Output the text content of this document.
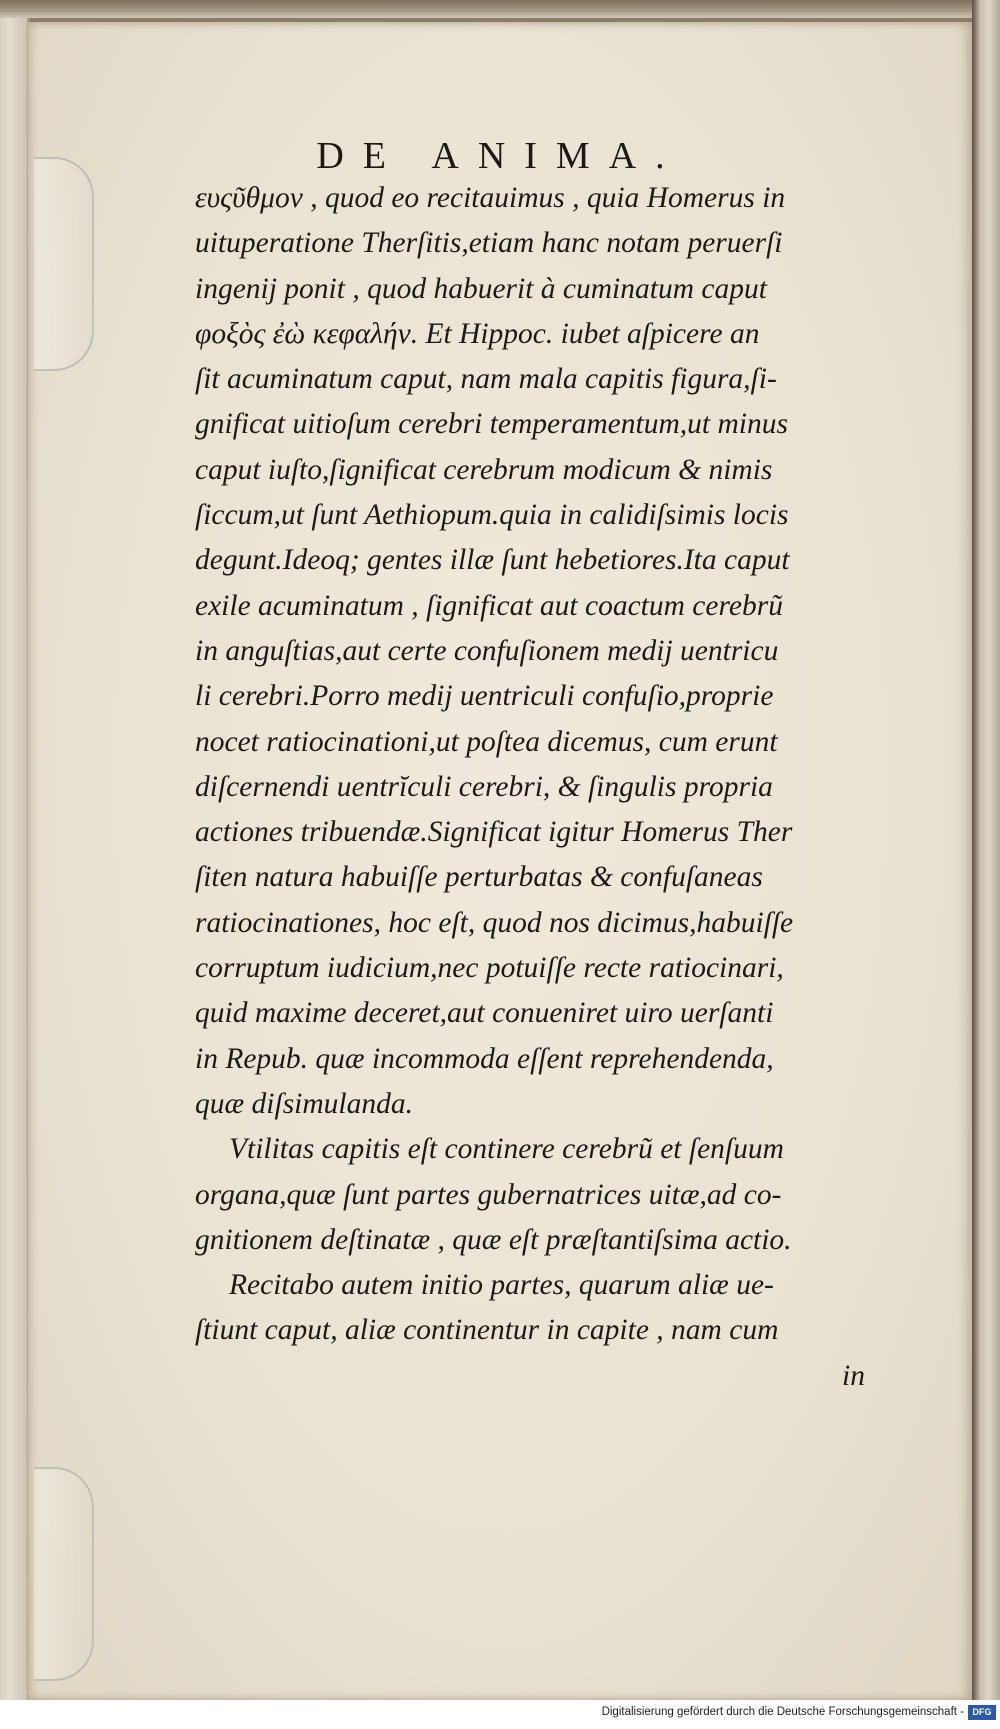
DE ANIMA.
ευςῦθμον , quod eo recitauimus , quia Homerus in
uituperatione Therſitis,etiam hanc notam peruerſi
ingenij ponit , quod habuerit à cuminatum caput
φοξὸς ἐὼ κεφαλήν. Et Hippoc. iubet aſpicere an
ſit acuminatum caput, nam mala capitis figura,ſi-
gnificat uitioſum cerebri temperamentum,ut minus
caput iuſto,ſignificat cerebrum modicum & nimis
ſiccum,ut ſunt Aethiopum.quia in calidiſsimis locis
degunt.Ideoq; gentes illæ ſunt hebetiores.Ita caput
exile acuminatum , ſignificat aut coactum cerebrũ
in anguſtias,aut certe confuſionem medij uentricu
li cerebri.Porro medij uentriculi confuſio,proprie
nocet ratiocinationi,ut poſtea dicemus, cum erunt
diſcernendi uentrĭculi cerebri, & ſingulis propria
actiones tribuendæ.Significat igitur Homerus Ther
ſiten natura habuiſſe perturbatas & confuſaneas
ratiocinationes, hoc eſt, quod nos dicimus,habuiſſe
corruptum iudicium,nec potuiſſe recte ratiocinari,
quid maxime deceret,aut conueniret uiro uerſanti
in Repub. quæ incommoda eſſent reprehendenda,
quæ diſsimulanda.
Vtilitas capitis eſt continere cerebrũ et ſenſuum
organa,quæ ſunt partes gubernatrices uitæ,ad co-
gnitionem deſtinatæ , quæ eſt præſtantiſsima actio.
Recitabo autem initio partes, quarum aliæ ue-
ſtiunt caput, aliæ continentur in capite , nam cum
in
Digitalisierung gefördert durch die Deutsche Forschungsgemeinschaft - DFG
